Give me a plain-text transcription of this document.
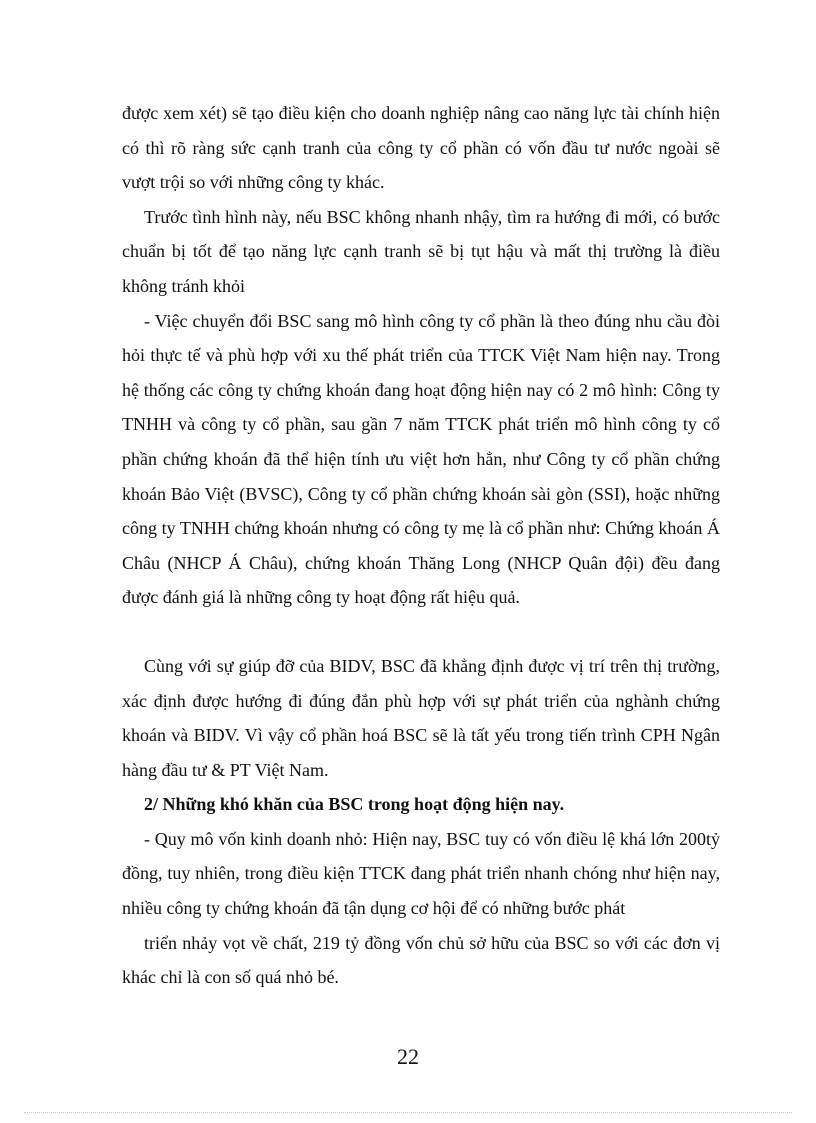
được xem xét) sẽ tạo điều kiện cho doanh nghiệp nâng cao năng lực tài chính hiện có thì rõ ràng sức cạnh tranh của công ty cổ phần có vốn đầu tư nước ngoài sẽ vượt trội so với những công ty khác.

Trước tình hình này, nếu BSC không nhanh nhậy, tìm ra hướng đi mới, có bước chuẩn bị tốt để tạo năng lực cạnh tranh sẽ bị tụt hậu và mất thị trường là điều không tránh khỏi

- Việc chuyển đổi BSC sang mô hình công ty cổ phần là theo đúng nhu cầu đòi hỏi thực tế và phù hợp với xu thế phát triển của TTCK Việt Nam hiện nay. Trong hệ thống các công ty chứng khoán đang hoạt động hiện nay có 2 mô hình: Công ty TNHH và công ty cổ phần, sau gần 7 năm TTCK phát triển mô hình công ty cổ phần chứng khoán đã thể hiện tính ưu việt hơn hẳn, như Công ty cổ phần chứng khoán Bảo Việt (BVSC), Công ty cổ phần chứng khoán sài gòn (SSI), hoặc những công ty TNHH chứng khoán nhưng có công ty mẹ là cổ phần như: Chứng khoán Á Châu (NHCP Á Châu), chứng khoán Thăng Long (NHCP Quân đội) đều đang được đánh giá là những công ty hoạt động rất hiệu quả.

Cùng với sự giúp đỡ của BIDV, BSC đã khẳng định được vị trí trên thị trường, xác định được hướng đi đúng đắn phù hợp với sự phát triển của nghành chứng khoán và BIDV. Vì vậy cổ phần hoá BSC sẽ là tất yếu trong tiến trình CPH Ngân hàng đầu tư & PT Việt Nam.

2/ Những khó khăn của BSC trong hoạt động hiện nay.

- Quy mô vốn kinh doanh nhỏ: Hiện nay, BSC tuy có vốn điều lệ khá lớn 200tỷ đồng, tuy nhiên, trong điều kiện TTCK đang phát triển nhanh chóng như hiện nay, nhiều công ty chứng khoán đã tận dụng cơ hội để có những bước phát

triển nhảy vọt về chất, 219 tỷ đồng vốn chủ sở hữu của BSC so với các đơn vị khác chỉ là con số quá nhỏ bé.

22
